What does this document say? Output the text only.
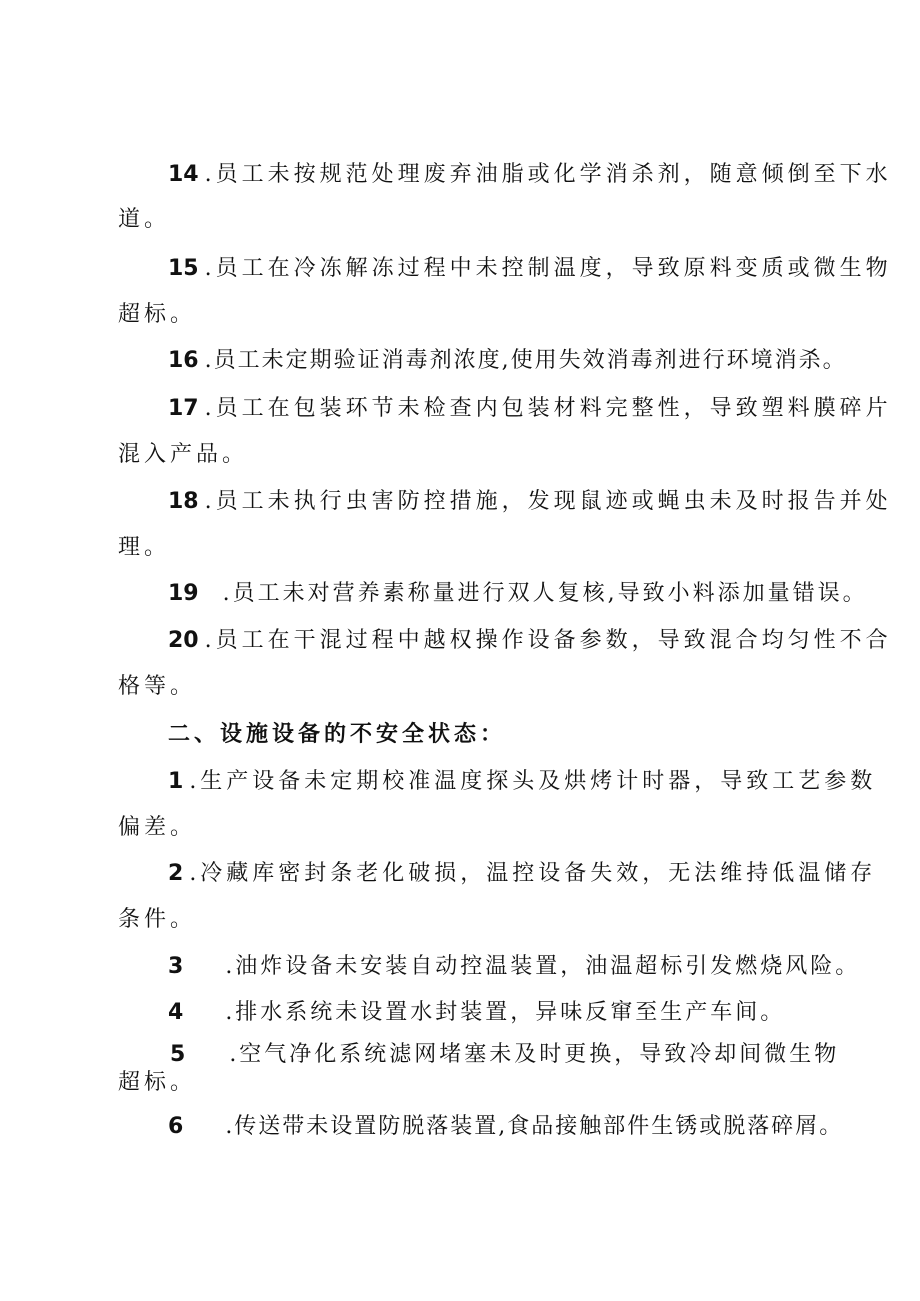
14 .员工未按规范处理废弃油脂或化学消杀剂，随意倾倒至下水
道。
15 .员工在冷冻解冻过程中未控制温度，导致原料变质或微生物
超标。
16 .员工未定期验证消毒剂浓度,使用失效消毒剂进行环境消杀。
17 .员工在包装环节未检查内包装材料完整性，导致塑料膜碎片
混入产品。
18 .员工未执行虫害防控措施，发现鼠迹或蝇虫未及时报告并处
理。
19 .员工未对营养素称量进行双人复核,导致小料添加量错误。
20 .员工在干混过程中越权操作设备参数，导致混合均匀性不合
格等。
二、设施设备的不安全状态：
1 .生产设备未定期校准温度探头及烘烤计时器，导致工艺参数
偏差。
2 .冷藏库密封条老化破损，温控设备失效，无法维持低温储存
条件。
3 .油炸设备未安装自动控温装置，油温超标引发燃烧风险。
4 .排水系统未设置水封装置，异味反窜至生产车间。
5 .空气净化系统滤网堵塞未及时更换，导致冷却间微生物
超标。
6 .传送带未设置防脱落装置,食品接触部件生锈或脱落碎屑。
